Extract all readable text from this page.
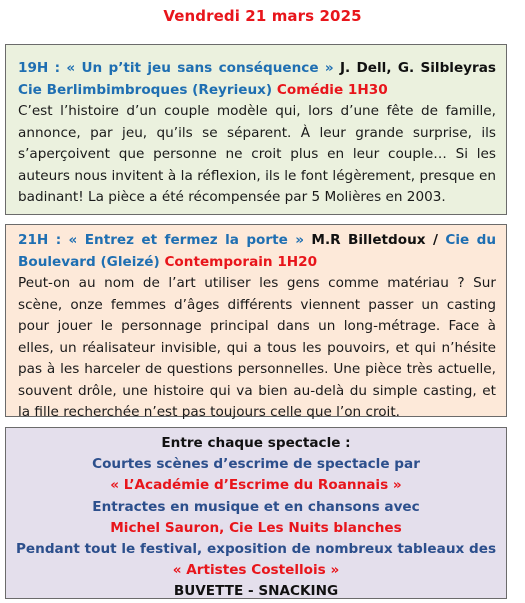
Vendredi 21 mars 2025

19H : « Un p’tit jeu sans conséquence » J. Dell, G. Silbleyras Cie Berlimbimbroques (Reyrieux) Comédie 1H30

C’est l’histoire d’un couple modèle qui, lors d’une fête de famille, annonce, par jeu, qu’ils se séparent. À leur grande surprise, ils s’aperçoivent que personne ne croit plus en leur couple… Si les auteurs nous invitent à la réflexion, ils le font légèrement, presque en badinant! La pièce a été récompensée par 5 Molières en 2003.

21H : « Entrez et fermez la porte » M.R Billetdoux / Cie du Boulevard (Gleizé) Contemporain 1H20

Peut-on au nom de l’art utiliser les gens comme matériau ? Sur scène, onze femmes d’âges différents viennent passer un casting pour jouer le personnage principal dans un long-métrage. Face à elles, un réalisateur invisible, qui a tous les pouvoirs, et qui n’hésite pas à les harceler de questions personnelles. Une pièce très actuelle, souvent drôle, une histoire qui va bien au-delà du simple casting, et la fille recherchée n’est pas toujours celle que l’on croit.

Entre chaque spectacle :
Courtes scènes d’escrime de spectacle par
« L’Académie d’Escrime du Roannais »
Entractes en musique et en chansons avec
Michel Sauron, Cie Les Nuits blanches
Pendant tout le festival, exposition de nombreux tableaux des
« Artistes Costellois »
BUVETTE - SNACKING
